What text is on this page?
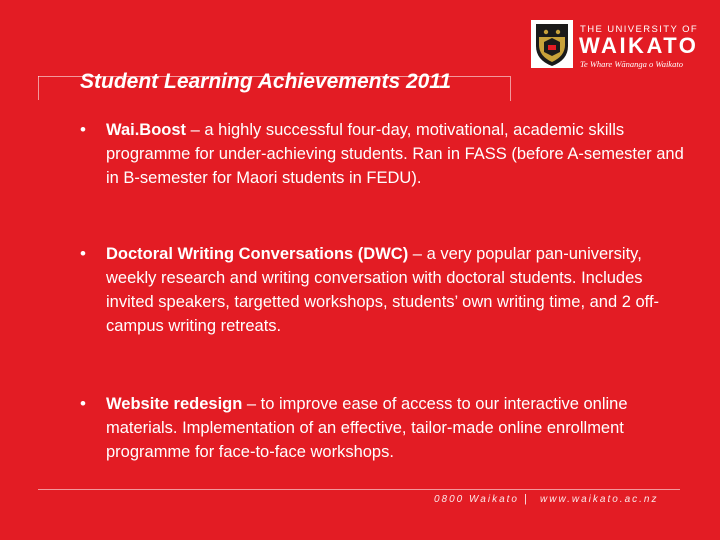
THE UNIVERSITY OF
WAIKATO
Te Whare Wānanga o Waikato
Student Learning Achievements 2011
• Wai.Boost – a highly successful four-day, motivational, academic skills programme for under-achieving students. Ran in FASS (before A-semester and in B-semester for Maori students in FEDU).
• Doctoral Writing Conversations (DWC) – a very popular pan-university, weekly research and writing conversation with doctoral students. Includes invited speakers, targetted workshops, students’ own writing time, and 2 off-campus writing retreats.
• Website redesign – to improve ease of access to our interactive online materials. Implementation of an effective, tailor-made online enrollment programme for face-to-face workshops.
0800 Waikato | www.waikato.ac.nz
